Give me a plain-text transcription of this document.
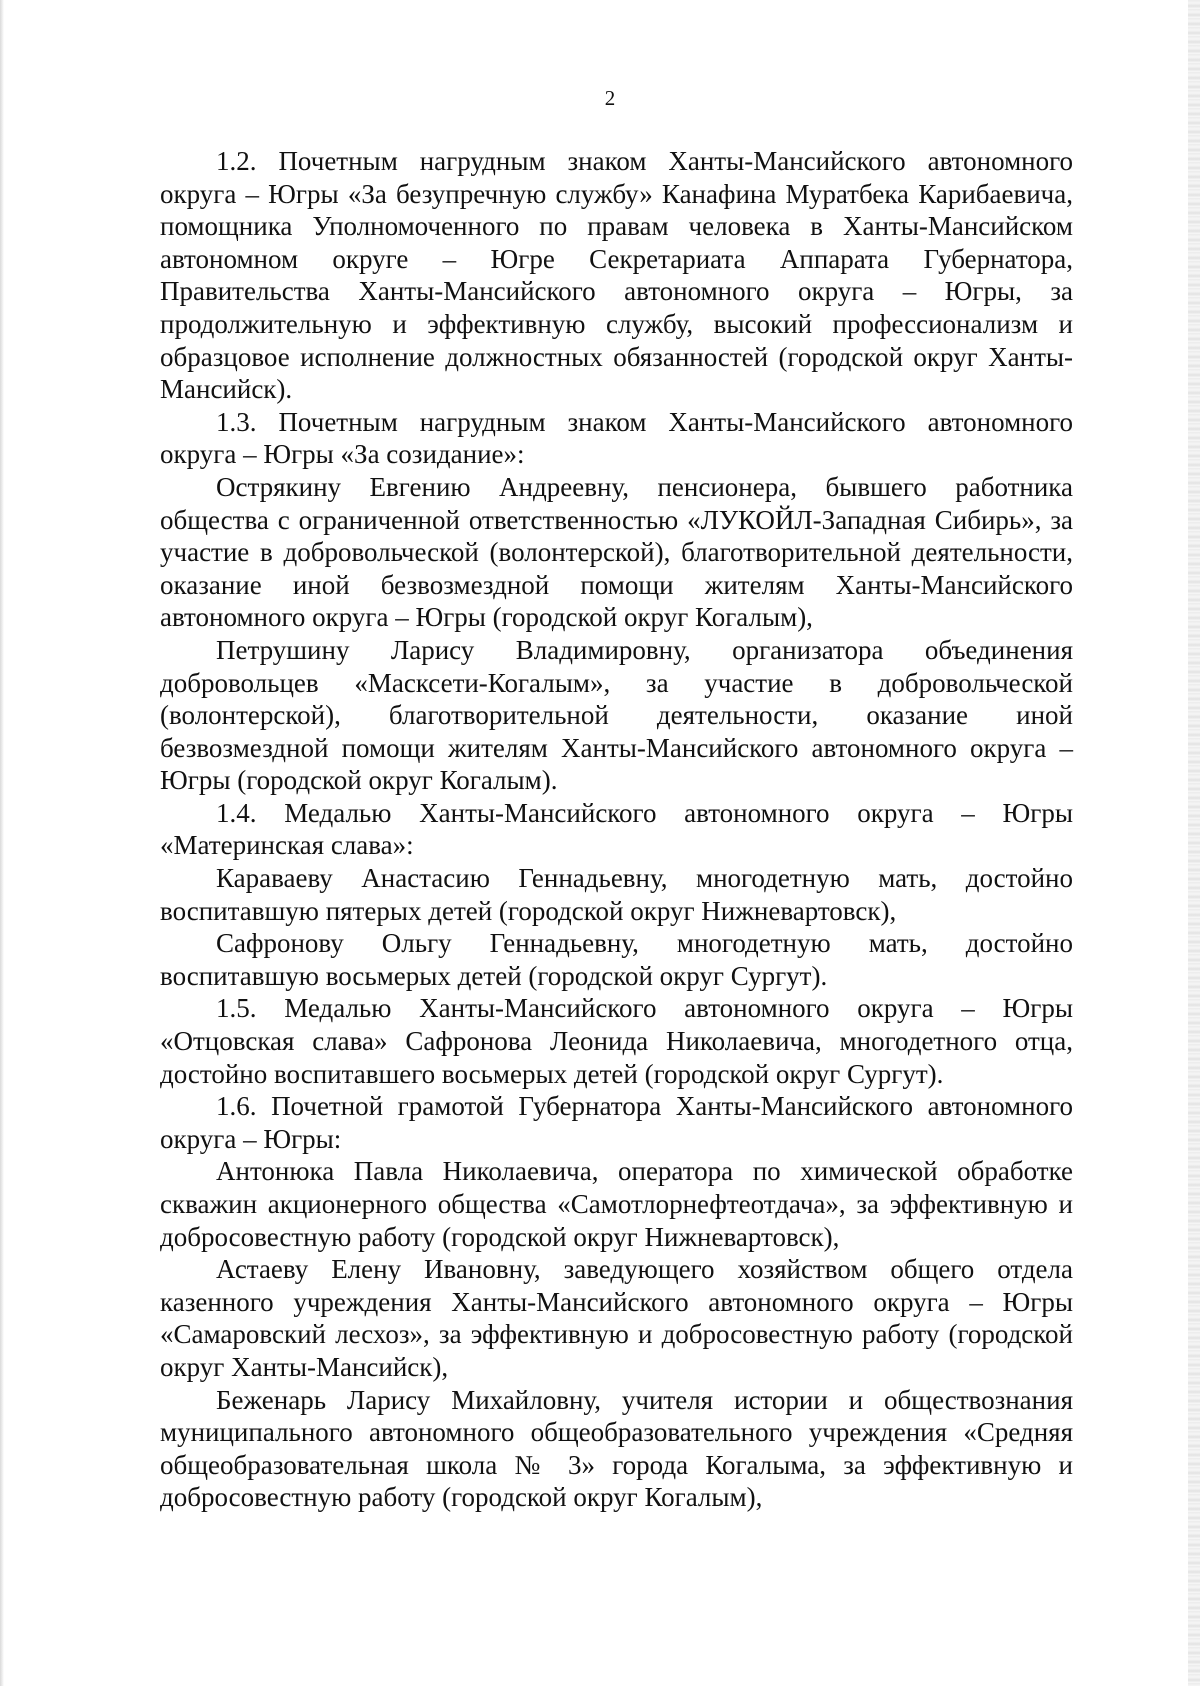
2

1.2. Почетным нагрудным знаком Ханты-Мансийского автономного округа – Югры «За безупречную службу» Канафина Муратбека Карибаевича, помощника Уполномоченного по правам человека в Ханты-Мансийском автономном округе – Югре Секретариата Аппарата Губернатора, Правительства Ханты-Мансийского автономного округа – Югры, за продолжительную и эффективную службу, высокий профессионализм и образцовое исполнение должностных обязанностей (городской округ Ханты-Мансийск).

1.3. Почетным нагрудным знаком Ханты-Мансийского автономного округа – Югры «За созидание»:

Острякину Евгению Андреевну, пенсионера, бывшего работника общества с ограниченной ответственностью «ЛУКОЙЛ-Западная Сибирь», за участие в добровольческой (волонтерской), благотворительной деятельности, оказание иной безвозмездной помощи жителям Ханты-Мансийского автономного округа – Югры (городской округ Когалым),

Петрушину Ларису Владимировну, организатора объединения добровольцев «Масксети-Когалым», за участие в добровольческой (волонтерской), благотворительной деятельности, оказание иной безвозмездной помощи жителям Ханты-Мансийского автономного округа – Югры (городской округ Когалым).

1.4. Медалью Ханты-Мансийского автономного округа – Югры «Материнская слава»:

Караваеву Анастасию Геннадьевну, многодетную мать, достойно воспитавшую пятерых детей (городской округ Нижневартовск),

Сафронову Ольгу Геннадьевну, многодетную мать, достойно воспитавшую восьмерых детей (городской округ Сургут).

1.5. Медалью Ханты-Мансийского автономного округа – Югры «Отцовская слава» Сафронова Леонида Николаевича, многодетного отца, достойно воспитавшего восьмерых детей (городской округ Сургут).

1.6. Почетной грамотой Губернатора Ханты-Мансийского автономного округа – Югры:

Антонюка Павла Николаевича, оператора по химической обработке скважин акционерного общества «Самотлорнефтеотдача», за эффективную и добросовестную работу (городской округ Нижневартовск),

Астаеву Елену Ивановну, заведующего хозяйством общего отдела казенного учреждения Ханты-Мансийского автономного округа – Югры «Самаровский лесхоз», за эффективную и добросовестную работу (городской округ Ханты-Мансийск),

Беженарь Ларису Михайловну, учителя истории и обществознания муниципального автономного общеобразовательного учреждения «Средняя общеобразовательная школа № 3» города Когалыма, за эффективную и добросовестную работу (городской округ Когалым),
